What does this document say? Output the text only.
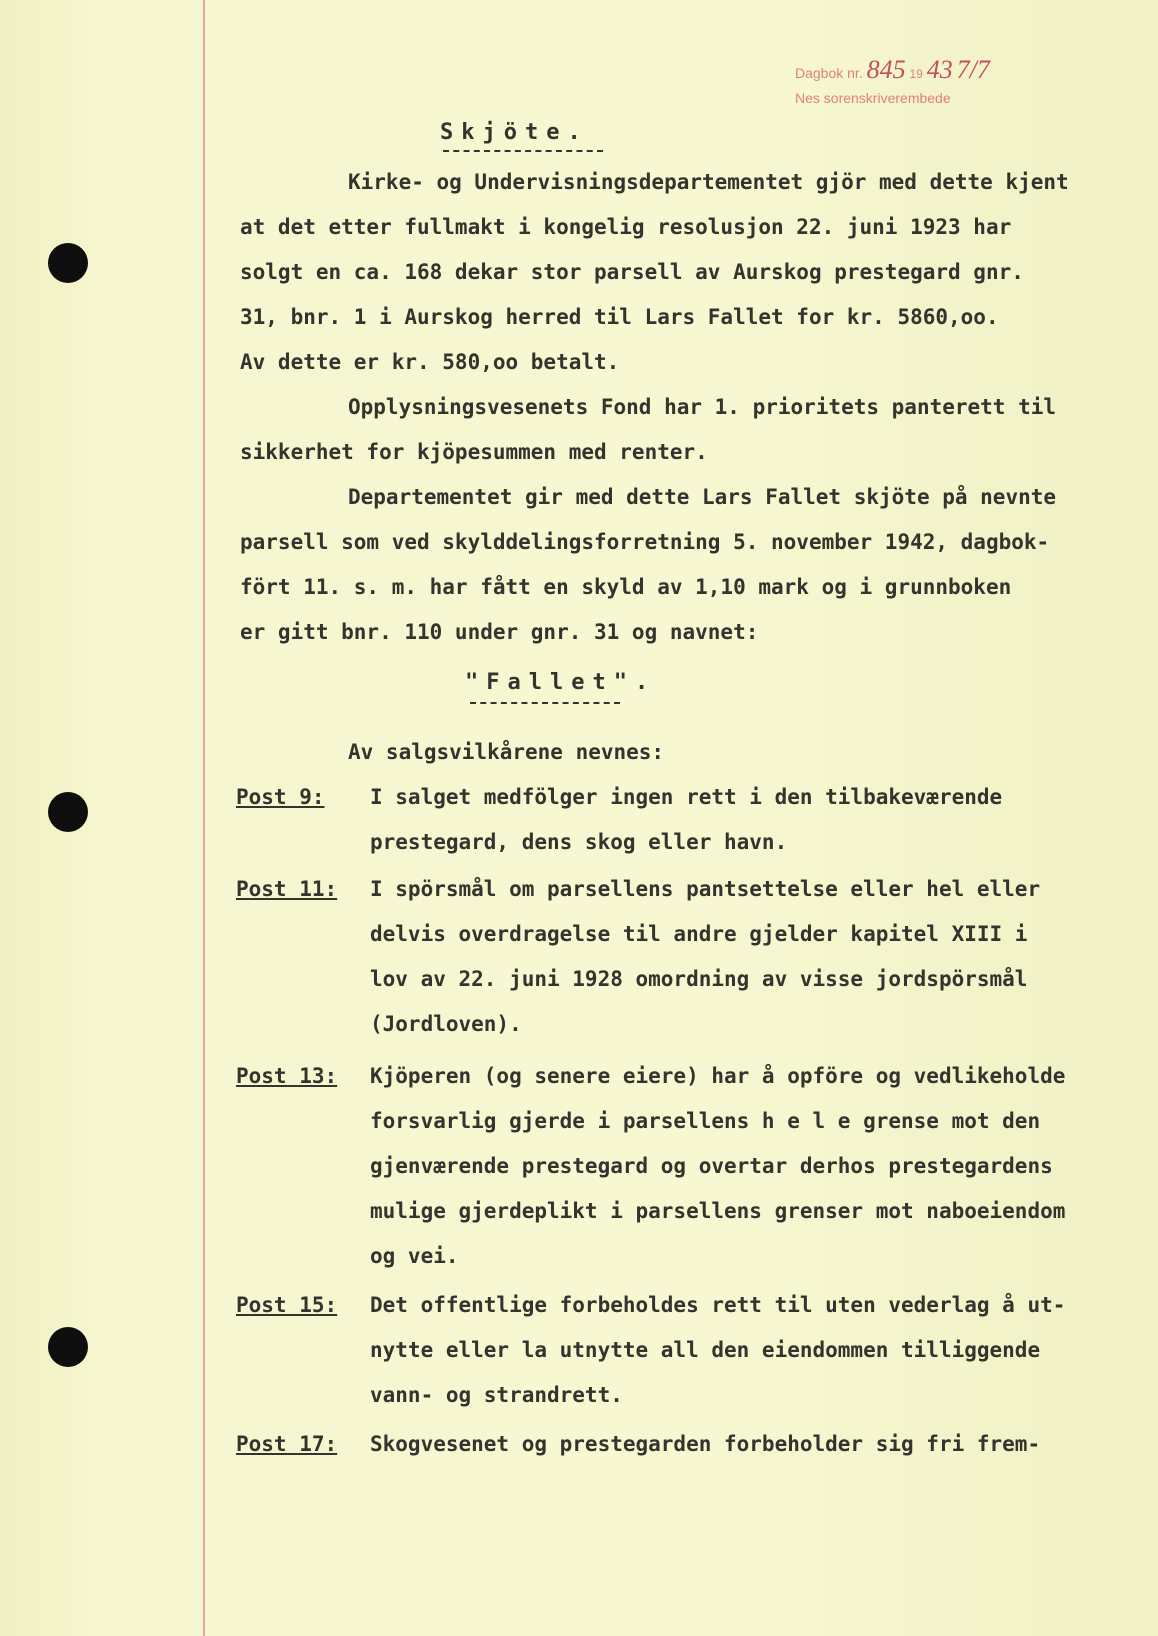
Dagbok nr. 845 19 43 7/7
Nes sorenskriverembede
Skjöte.
Kirke- og Undervisningsdepartementet gjör med dette kjent
at det etter fullmakt i kongelig resolusjon 22. juni 1923 har
solgt en ca. 168 dekar stor parsell av Aurskog prestegard gnr.
31, bnr. 1 i Aurskog herred til Lars Fallet for kr. 5860,oo.
Av dette er kr. 580,oo betalt.
Opplysningsvesenets Fond har 1. prioritets panterett til
sikkerhet for kjöpesummen med renter.
Departementet gir med dette Lars Fallet skjöte på nevnte
parsell som ved skylddelingsforretning 5. november 1942, dagbok-
fört 11. s. m. har fått en skyld av 1,10 mark og i grunnboken
er gitt bnr. 110 under gnr. 31 og navnet:
"Fallet".
Av salgsvilkårene nevnes:
Post 9: I salget medfölger ingen rett i den tilbakeværende
prestegard, dens skog eller havn.
Post 11: I spörsmål om parsellens pantsettelse eller hel eller
delvis overdragelse til andre gjelder kapitel XIII i
lov av 22. juni 1928 omordning av visse jordspörsmål
(Jordloven).
Post 13: Kjöperen (og senere eiere) har å opföre og vedlikeholde
forsvarlig gjerde i parsellens h e l e grense mot den
gjenværende prestegard og overtar derhos prestegardens
mulige gjerdeplikt i parsellens grenser mot naboeiendom
og vei.
Post 15: Det offentlige forbeholdes rett til uten vederlag å ut-
nytte eller la utnytte all den eiendommen tilliggende
vann- og strandrett.
Post 17: Skogvesenet og prestegarden forbeholder sig fri frem-
